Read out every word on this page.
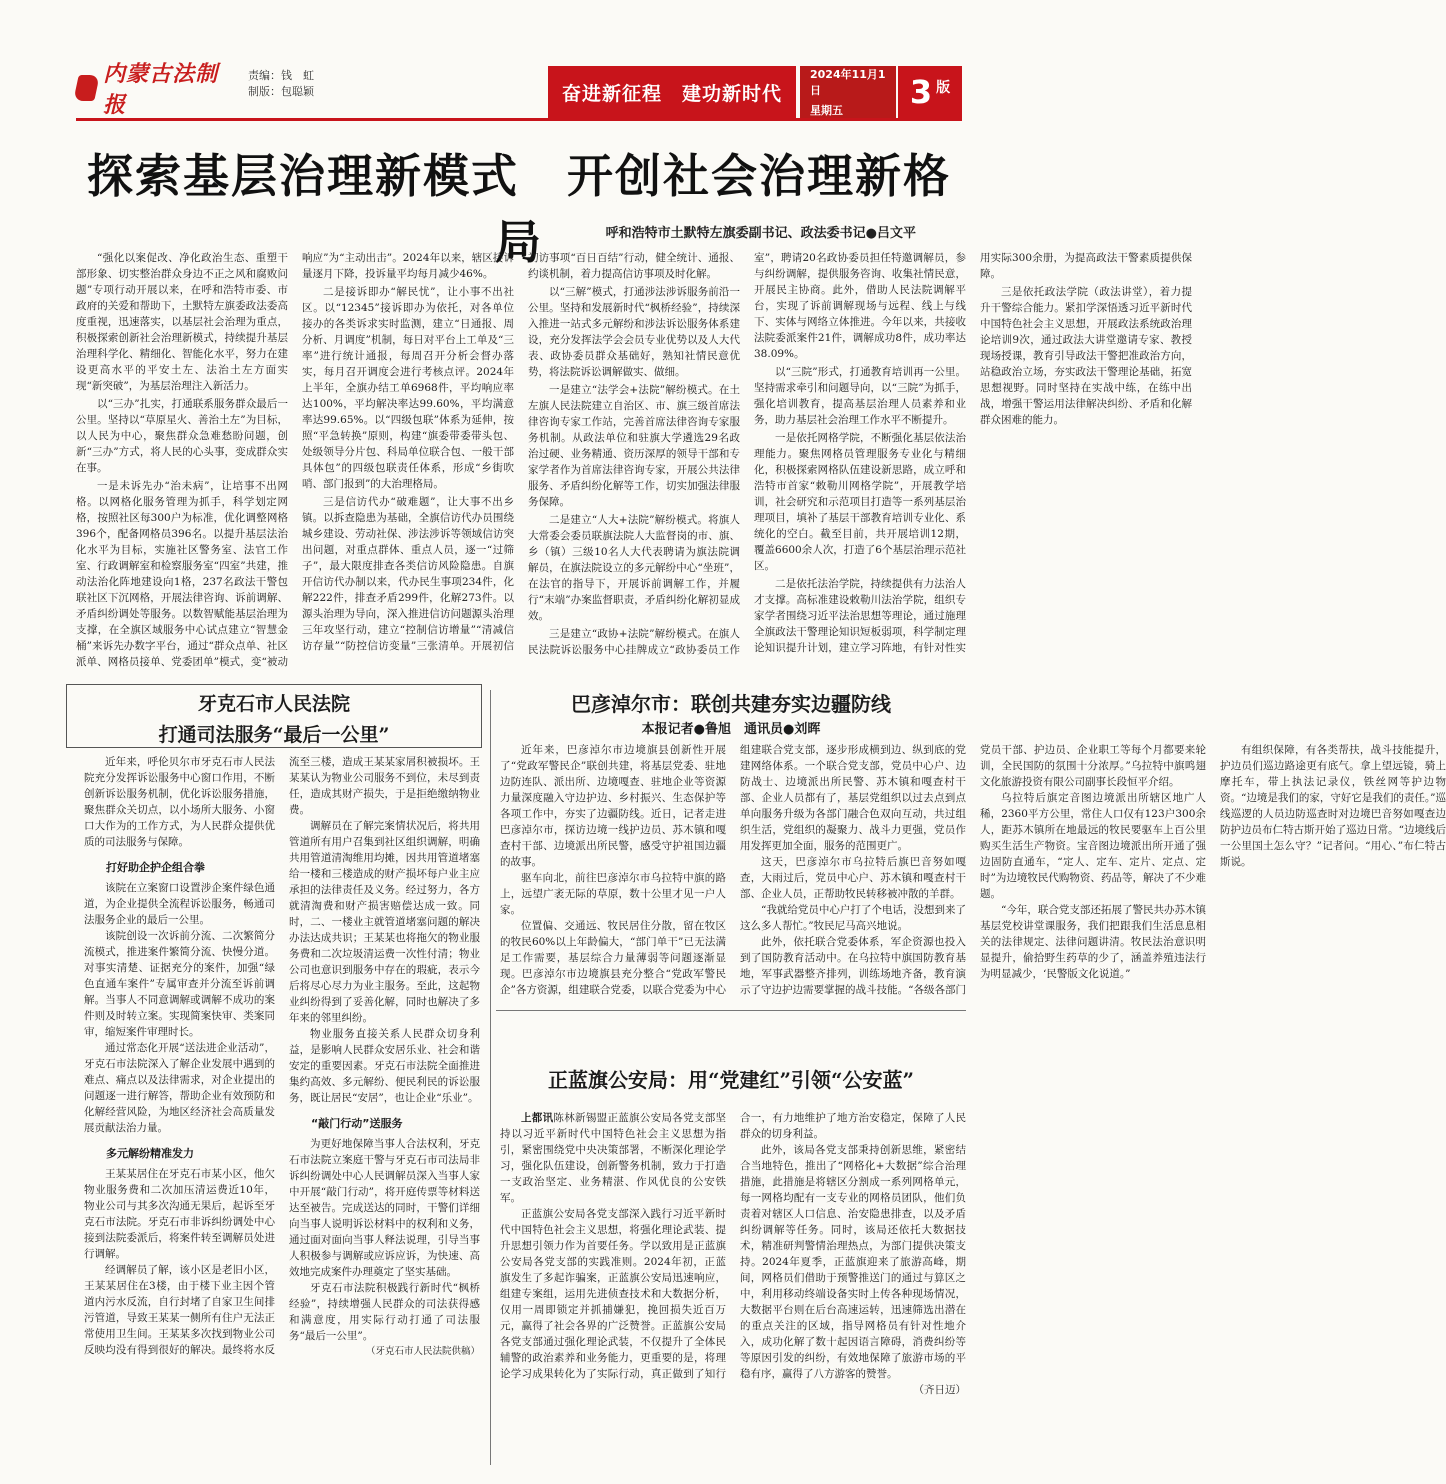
内蒙古法制报
责编：钱　虹
制版：包聪颖	奋进新征程　建功新时代
2024年11月1日
星期五	3 版
探索基层治理新模式　开创社会治理新格局	呼和浩特市土默特左旗委副书记、政法委书记●吕文平

“强化以案促改、净化政治生态、重塑干部形象、切实整治群众身边不正之风和腐败问题”专项行动开展以来，在呼和浩特市委、市政府的关爱和帮助下，土默特左旗委政法委高度重视，迅速落实，以基层社会治理为重点，积极探索创新社会治理新模式，持续提升基层治理科学化、精细化、智能化水平，努力在建设更高水平的平安土左、法治土左方面实现“新突破”，为基层治理注入新活力。

以“三办”扎实，打通联系服务群众最后一公里。坚持以“草原星火、善治土左”为目标，以人民为中心，聚焦群众急难愁盼问题，创新“三办”方式，将人民的心头事，变成群众实在事。

一是未诉先办“治未病”，让培事不出网格。以网格化服务管理为抓手，科学划定网格，按照社区每300户为标准，优化调整网格396个，配备网格员396名。以提升基层法治化水平为目标，实施社区警务室、法官工作室、行政调解室和检察服务室“四室”共建，推动法治化阵地建设向1格，237名政法干警包联社区下沉网格，开展法律咨询、诉前调解、矛盾纠纷调处等服务。以数智赋能基层治理为支撑，在全旗区域服务中心试点建立“智慧金桶”来诉先办数字平台，通过“群众点单、社区派单、网格员接单、党委团单”模式，变“被动响应”为“主动出击”。2024年以来，辖区接诉量逐月下降，投诉量平均每月减少46%。

二是接诉即办“解民忧”，让小事不出社区。以“12345”接诉即办为依托，对各单位接办的各类诉求实时监测，建立“日通报、周分析、月调度”机制，每日对平台上工单及“三率”进行统计通报，每周召开分析会督办落实，每月召开调度会进行考核点评。2024年上半年，全旗办结工单6968件，平均响应率达100%，平均解决率达99.60%，平均满意率达99.65%。以“四级包联”体系为延伸，按照“平急转换”原则，构建“旗委带委带头包、处级领导分片包、科局单位联合包、一般干部具体包”的四级包联责任体系，形成“乡街吹哨、部门报到”的大治理格局。

三是信访代办“破难题”，让大事不出乡镇。以拆查隐患为基础，全旗信访代办员围绕城乡建设、劳动社保、涉法涉诉等领域信访突出问题，对重点群体、重点人员，逐一“过筛子”，最大限度排查各类信访风险隐患。自旗开信访代办制以来，代办民生事项234件，化解222件，排查矛盾299件，化解273件。以源头治理为导向，深入推进信访问题源头治理三年攻坚行动，建立“控制信访增量”“清减信访存量”“防控信访变量”三张清单。开展初信初访事项“百日百结”行动，健全统计、通报、约谈机制，着力提高信访事项及时化解。

以“三解”模式，打通涉法涉诉服务前沿一公里。坚持和发展新时代“枫桥经验”，持续深入推进一站式多元解纷和涉法诉讼服务体系建设，充分发挥法学会会员专业优势以及人大代表、政协委员群众基础好，熟知社情民意优势，将法院诉讼调解做实、做细。

一是建立“法学会+法院”解纷模式。在土左旗人民法院建立自治区、市、旗三级首席法律咨询专家工作站，完善首席法律咨询专家服务机制。从政法单位和驻旗大学遴选29名政治过硬、业务精通、资历深厚的领导干部和专家学者作为首席法律咨询专家，开展公共法律服务、矛盾纠纷化解等工作，切实加强法律服务保障。

二是建立“人大+法院”解纷模式。将旗人大常委会委员联旗法院人大监督岗的市、旗、乡（镇）三级10名人大代表聘请为旗法院调解员，在旗法院设立的多元解纷中心“坐班”，在法官的指导下，开展诉前调解工作，并履行“末端”办案监督职责，矛盾纠纷化解初显成效。

三是建立“政协+法院”解纷模式。在旗人民法院诉讼服务中心挂牌成立“政协委员工作室”，聘请20名政协委员担任特邀调解员，参与纠纷调解，提供服务咨询、收集社情民意，开展民主协商。此外，借助人民法院调解平台，实现了诉前调解现场与远程、线上与线下、实体与网络立体推进。今年以来，共接收法院委派案件21件，调解成功8件，成功率达38.09%。

以“三院”形式，打通教育培训再一公里。坚持需求牵引和问题导向，以“三院”为抓手，强化培训教育，提高基层治理人员素养和业务，助力基层社会治理工作水平不断提升。

一是依托网格学院，不断强化基层依法治理能力。聚焦网格员管理服务专业化与精细化，积极探索网格队伍建设新思路，成立呼和浩特市首家“敕勒川网格学院”，开展教学培训，社会研究和示范项目打造等一系列基层治理项目，填补了基层干部教育培训专业化、系统化的空白。截至目前，共开展培训12期，覆盖6600余人次，打造了6个基层治理示范社区。

二是依托法治学院，持续提供有力法治人才支撑。高标准建设敕勒川法治学院，组织专家学者围绕习近平法治思想等理论，通过施理全旗政法干警理论知识短板弱项，科学制定理论知识提升计划，建立学习阵地，有针对性实用实际300余册，为提高政法干警素质提供保障。

三是依托政法学院（政法讲堂），着力提升干警综合能力。紧扣学深悟透习近平新时代中国特色社会主义思想，开展政法系统政治理论培训9次，通过政法大讲堂邀请专家、教授现场授课，教育引导政法干警把准政治方向，站稳政治立场，夯实政法干警理论基础，拓宽思想视野。同时坚持在实战中练，在练中出战，增强干警运用法律解决纠纷、矛盾和化解群众困难的能力。

牙克石市人民法院
打通司法服务“最后一公里”

近年来，呼伦贝尔市牙克石市人民法院充分发挥诉讼服务中心窗口作用，不断创新诉讼服务机制，优化诉讼服务措施，聚焦群众关切点，以小场所大服务、小窗口大作为的工作方式，为人民群众提供优质的司法服务与保障。

打好助企护企组合拳

该院在立案窗口设置涉企案件绿色通道，为企业提供全流程诉讼服务，畅通司法服务企业的最后一公里。

该院创设一次诉前分流、二次繁简分流模式，推进案件繁简分流、快慢分道。对事实清楚、证据充分的案件，加强“绿色直通车案件”专属审查并分流至诉前调解。当事人不同意调解或调解不成功的案件则及时转立案。实现简案快审、类案同审，缩短案件审理时长。

通过常态化开展“送法进企业活动”，牙克石市法院深入了解企业发展中遇到的难点、痛点以及法律需求，对企业提出的问题逐一进行解答，帮助企业有效预防和化解经营风险，为地区经济社会高质量发展贡献法治力量。

多元解纷精准发力

王某某居住在牙克石市某小区，他欠物业服务费和二次加压清运费近10年，物业公司与其多次沟通无果后，起诉至牙克石市法院。牙克石市非诉纠纷调处中心接到法院委派后，将案件转至调解员处进行调解。

经调解员了解，该小区是老旧小区，王某某居住在3楼，由于楼下业主因个管道内污水反流，自行封堵了自家卫生间排污管道，导致王某某一侧所有住户无法正常使用卫生间。王某某多次找到物业公司反映均没有得到很好的解决。最终将水反流至三楼，造成王某某家屑积被损坏。王某某认为物业公司服务不到位，未尽到责任，造成其财产损失，于是拒绝缴纳物业费。

调解员在了解完案情状况后，将共用管道所有用户召集到社区组织调解，明确共用管道清淘维用均摊，因共用管道堵塞给一楼和三楼造成的财产损坏每户业主应承担的法律责任及义务。经过努力，各方就清淘费和财产损害赔偿达成一致。同时，二、一楼业主就管道堵塞问题的解决办法达成共识；王某某也将拖欠的物业服务费和二次垃圾清运费一次性付清；物业公司也意识到服务中存在的瑕疵，表示今后将尽心尽力为业主服务。至此，这起物业纠纷得到了妥善化解，同时也解决了多年来的邻里纠纷。

物业服务直接关系人民群众切身利益，是影响人民群众安居乐业、社会和谐安定的重要因素。牙克石市法院全面推进集约高效、多元解纷、便民利民的诉讼服务，既让居民“安居”，也让企业“乐业”。

“敲门行动”送服务

为更好地保障当事人合法权利，牙克石市法院立案庭干警与牙克石市司法局非诉纠纷调处中心人民调解员深入当事人家中开展“敲门行动”，将开庭传票等材料送达至被告。完成送达的同时，干警们详细向当事人说明诉讼材料中的权利和义务，通过面对面向当事人释法说理，引导当事人积极参与调解或应诉应诉，为快速、高效地完成案件办理奠定了坚实基础。

牙克石市法院积极践行新时代“枫桥经验”，持续增强人民群众的司法获得感和满意度，用实际行动打通了司法服务“最后一公里”。

（牙克石市人民法院供稿）

巴彦淖尔市：联创共建夯实边疆防线
本报记者●鲁旭　通讯员●刘晖

近年来，巴彦淖尔市边境旗县创新性开展了“党政军警民企”联创共建，将基层党委、驻地边防连队、派出所、边境嘎查、驻地企业等资源力量深度融入守边护边、乡村振兴、生态保护等各项工作中，夯实了边疆防线。近日，记者走进巴彦淖尔市，探访边境一线护边员、苏木镇和嘎查村干部、边境派出所民警，感受守护祖国边疆的故事。

驱车向北，前往巴彦淖尔市乌拉特中旗的路上，远望广袤无际的草原，数十公里才见一户人家。

位置偏、交通远、牧民居住分散，留在牧区的牧民60%以上年龄偏大，“部门单干”已无法满足工作需要，基层综合力量薄弱等问题逐渐显现。巴彦淖尔市边境旗县充分整合“党政军警民企”各方资源，组建联合党委，以联合党委为中心组建联合党支部，逐步形成横到边、纵到底的党建网络体系。一个联合党支部，党员中心户、边防战士、边境派出所民警、苏木镇和嘎查村干部、企业人员都有了，基层党组织以过去点到点单向服务升级为各部门融合色双向互动，共过组织生活，党组织的凝聚力、战斗力更强，党员作用发挥更加全面，服务的范围更广。

这天，巴彦淖尔市乌拉特后旗巴音努如嘎查，大雨过后，党员中心户、苏木镇和嘎查村干部、企业人员，正帮助牧民转移被冲散的羊群。

“我就给党员中心户打了个电话，没想到来了这么多人帮忙。”牧民尼马高兴地说。

此外，依托联合党委体系，军企资源也投入到了国防教育活动中。在乌拉特中旗国防教育基地，军事武器整齐排列，训练场地齐备，教育演示了守边护边需要掌握的战斗技能。“各级各部门党员干部、护边员、企业职工等每个月都要来轮训，全民国防的氛围十分浓厚。”乌拉特中旗鸣翅文化旅游投资有限公司副事长段恒平介绍。

乌拉特后旗定音图边境派出所辖区地广人稀，2360平方公里，常住人口仅有123户300余人，距苏木镇所在地最远的牧民要驱车上百公里购买生活生产物资。宝音图边境派出所开通了强边固防直通车，“定人、定车、定片、定点、定时”为边境牧民代购物资、药品等，解决了不少难题。

“今年，联合党支部还拓展了警民共办苏木镇基层党校讲堂课服务，我们把跟我们生活息息相关的法律规定、法律问题讲清。牧民法治意识明显提升，偷拾野生药草的少了，涵盖养殖违法行为明显减少，‘民警版文化说道。”

有组织保障，有各类帮扶，战斗技能提升，护边员们巡边路途更有底气。拿上望远镜，骑上摩托车，带上执法记录仪，铁丝网等护边物资。“边境是我们的家，守好它是我们的责任。”巡线巡逻的人员边防巡查时对边境巴音努如嘎查边防护边员布仁特古斯开始了巡边日常。“边境线后一公里国土怎么守？”记者问。“用心、”布仁特古斯说。

正蓝旗公安局：用“党建红”引领“公安蓝”

上都讯陈林新锡盟正蓝旗公安局各党支部坚持以习近平新时代中国特色社会主义思想为指引，紧密围绕党中央决策部署，不断深化理论学习，强化队伍建设，创新警务机制，致力于打造一支政治坚定、业务精湛、作风优良的公安铁军。

正蓝旗公安局各党支部深入践行习近平新时代中国特色社会主义思想，将强化理论武装、提升思想引领力作为首要任务。学以致用是正蓝旗公安局各党支部的实践准则。2024年初，正蓝旗发生了多起诈骗案，正蓝旗公安局迅速响应，组建专案组，运用先进侦查技术和大数据分析，仅用一周即锁定并抓捕嫌犯，挽回损失近百万元，赢得了社会各界的广泛赞誉。正蓝旗公安局各党支部通过强化理论武装，不仅提升了全体民辅警的政治素养和业务能力，更重要的是，将理论学习成果转化为了实际行动，真正做到了知行合一，有力地维护了地方治安稳定，保障了人民群众的切身利益。

此外，该局各党支部秉持创新思维，紧密结合当地特色，推出了“网格化+大数据”综合治理措施，此措施是将辖区分割成一系列网格单元，每一网格均配有一支专业的网格员团队，他们负责着对辖区人口信息、治安隐患排查，以及矛盾纠纷调解等任务。同时，该局还依托大数据技术，精准研判警情治理热点，为部门提供决策支持。2024年夏季，正蓝旗迎来了旅游高峰，期间，网格员们借助于预警推送门的通过与算区之中，利用移动终端设备实时上传各种现场情况，大数据平台则在后台高速运转，迅速筛选出潜在的重点关注的区域，指导网格员有针对性地介入，成功化解了数十起因语言障碍，消费纠纷等等原因引发的纠纷，有效地保障了旅游市场的平稳有序，赢得了八方游客的赞誉。

（齐日迈）
